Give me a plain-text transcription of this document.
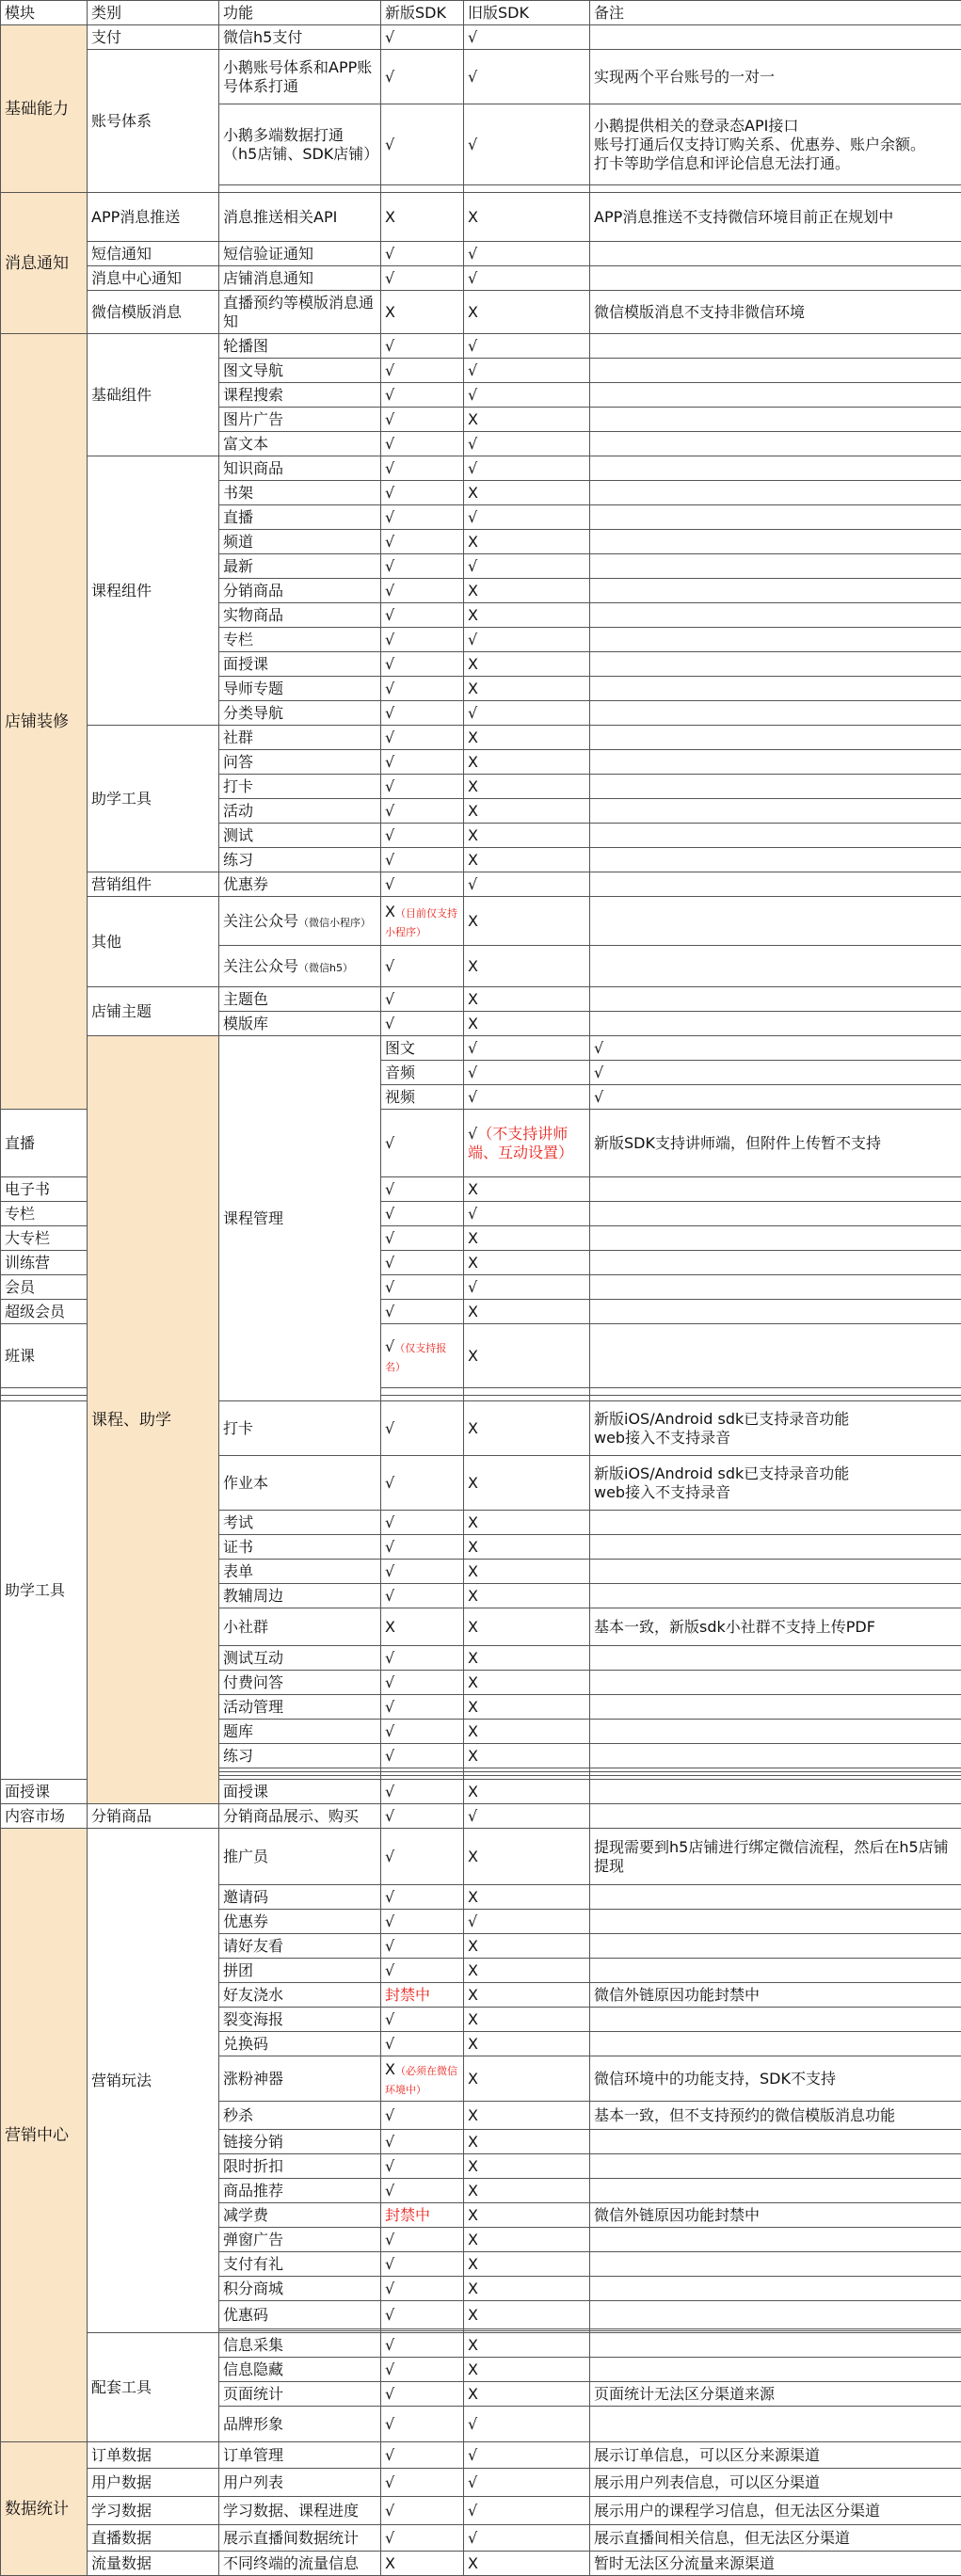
模块	类别	功能	新版SDK	旧版SDK	备注	
基础能力	支付	微信h5支付	√	√		
	账号体系	小鹅账号体系和APP账号体系打通	√	√	实现两个平台账号的一对一	
		小鹅多端数据打通（h5店铺、SDK店铺）	√	√	小鹅提供相关的登录态API接口
账号打通后仅支持订购关系、优惠券、账户余额。
打卡等助学信息和评论信息无法打通。	

消息通知	APP消息推送	消息推送相关API	X	X	APP消息推送不支持微信环境目前正在规划中	
	短信通知	短信验证通知	√	√		
	消息中心通知	店铺消息通知	√	√		
	微信模版消息	直播预约等模版消息通知	X	X	微信模版消息不支持非微信环境	
店铺装修	基础组件	轮播图	√	√		
		图文导航	√	√		
		课程搜索	√	√		
		图片广告	√	X		
		富文本	√	√		
	课程组件	知识商品	√	√		
		书架	√	X		
		直播	√	√		
		频道	√	X		
		最新	√	√		
		分销商品	√	X		
		实物商品	√	X		
		专栏	√	√		
		面授课	√	X		
		导师专题	√	X		
		分类导航	√	√		
	助学工具	社群	√	X		
		问答	√	X		
		打卡	√	X		
		活动	√	X		
		测试	√	X		
		练习	√	X		
	营销组件	优惠券	√	√		
	其他	关注公众号（微信小程序）	X（目前仅支持小程序）	X		
		关注公众号（微信h5）	√	X		
	店铺主题	主题色	√	X		
		模版库	√	X		
	课程、助学	课程管理	图文	√	√	
			音频	√	√	
			视频	√	√	
直播			√	√（不支持讲师端、互动设置）	新版SDK支持讲师端，但附件上传暂不支持	
电子书			√	X		
专栏			√	√		
大专栏			√	X		
训练营			√	X		
会员			√	√		
超级会员			√	X		
班课			√（仅支持报名）	X		

助学工具		打卡	√	X	新版iOS/Android sdk已支持录音功能
web接入不支持录音	
		作业本	√	X	新版iOS/Android sdk已支持录音功能
web接入不支持录音	
		考试	√	X		
		证书	√	X		
		表单	√	X		
		教辅周边	√	X		
		小社群	X	X	基本一致，新版sdk小社群不支持上传PDF	
		测试互动	√	X		
		付费问答	√	X		
		活动管理	√	X		
		题库	√	X		
		练习	√	X		

面授课		面授课	√	X		
内容市场	分销商品	分销商品展示、购买	√	√		
营销中心	营销玩法	推广员	√	X	提现需要到h5店铺进行绑定微信流程，然后在h5店铺提现	
		邀请码	√	X		
		优惠券	√	√		
		请好友看	√	X		
		拼团	√	X		
		好友浇水	封禁中	X	微信外链原因功能封禁中	
		裂变海报	√	X		
		兑换码	√	X		
		涨粉神器	X（必须在微信环境中）	X	微信环境中的功能支持，SDK不支持	
		秒杀	√	X	基本一致，但不支持预约的微信模版消息功能	
		链接分销	√	X		
		限时折扣	√	X		
		商品推荐	√	X		
		减学费	封禁中	X	微信外链原因功能封禁中	
		弹窗广告	√	X		
		支付有礼	√	X		
		积分商城	√	X		
		优惠码	√	X		

	配套工具	信息采集	√	X		
		信息隐藏	√	X		
		页面统计	√	X	页面统计无法区分渠道来源	
		品牌形象	√	√		
数据统计	订单数据	订单管理	√	√	展示订单信息，可以区分来源渠道	
	用户数据	用户列表	√	√	展示用户列表信息，可以区分渠道	
	学习数据	学习数据、课程进度	√	√	展示用户的课程学习信息，但无法区分渠道	
	直播数据	展示直播间数据统计	√	√	展示直播间相关信息，但无法区分渠道	
	流量数据	不同终端的流量信息	X	X	暂时无法区分流量来源渠道	
